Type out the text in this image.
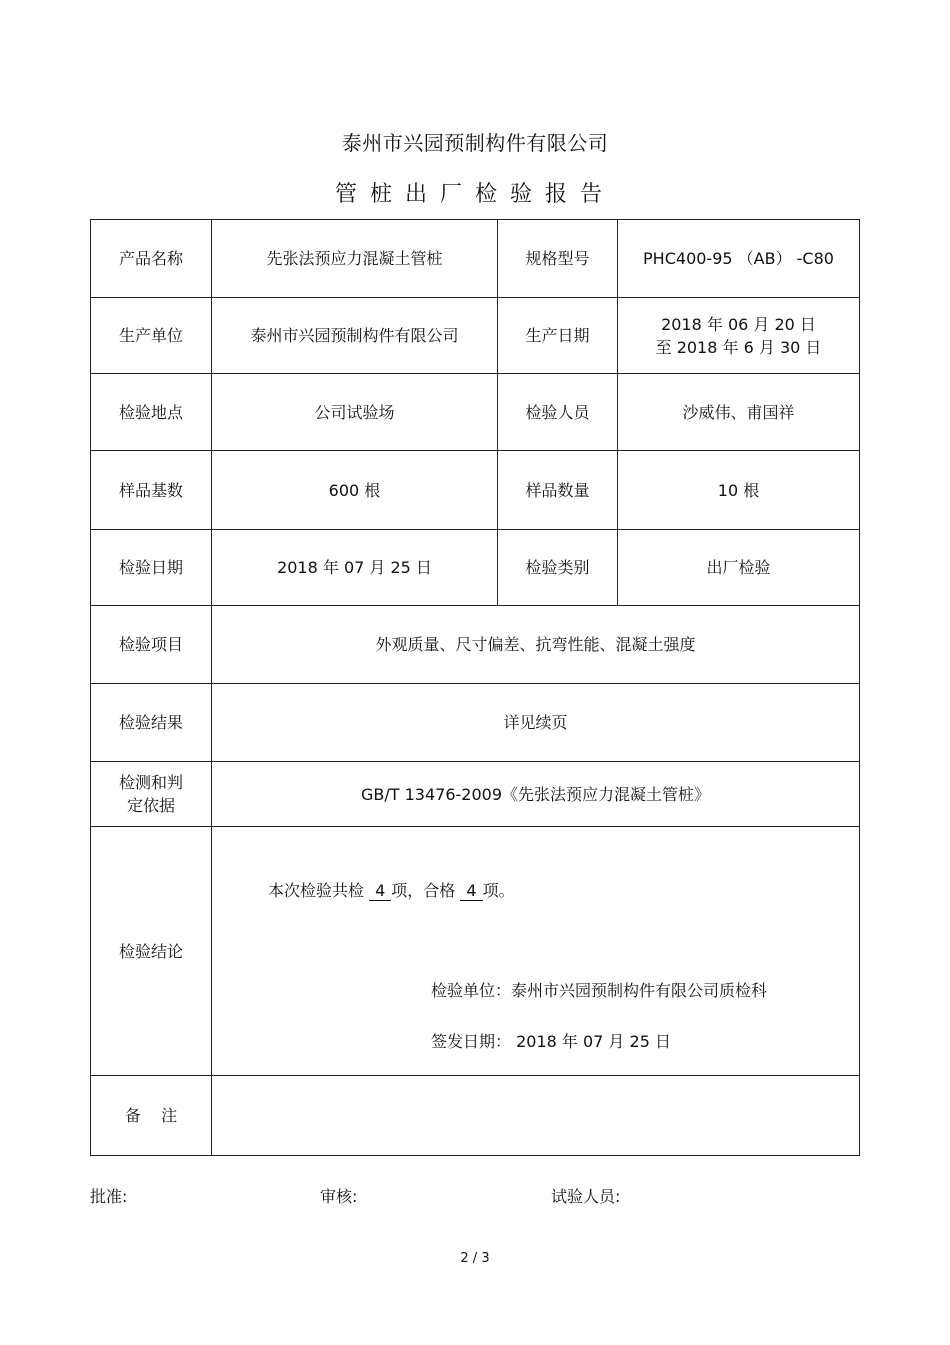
泰州市兴园预制构件有限公司
管桩出厂检验报告
产品名称	先张法预应力混凝土管桩	规格型号	PHC400-95 （AB） -C80
生产单位	泰州市兴园预制构件有限公司	生产日期	2018 年 06 月 20 日
至 2018 年 6 月 30 日

检验地点	公司试验场	检验人员	沙威伟、甫国祥
样品基数	600 根	样品数量	10 根
检验日期	2018 年 07 月 25 日	检验类别	出厂检验
检验项目	外观质量、尺寸偏差、抗弯性能、混凝土强度		
检验结果	详见续页		

检测和判
定依据	GB/T 13476-2009《先张法预应力混凝土管桩》		
检验结论	本次检验共检 4 项，合格 4 项。
检验单位：泰州市兴园预制构件有限公司质检科
签发日期： 2018 年 07 月 25 日		

备    注			
批准:	审核:	试验人员:
2 / 3
